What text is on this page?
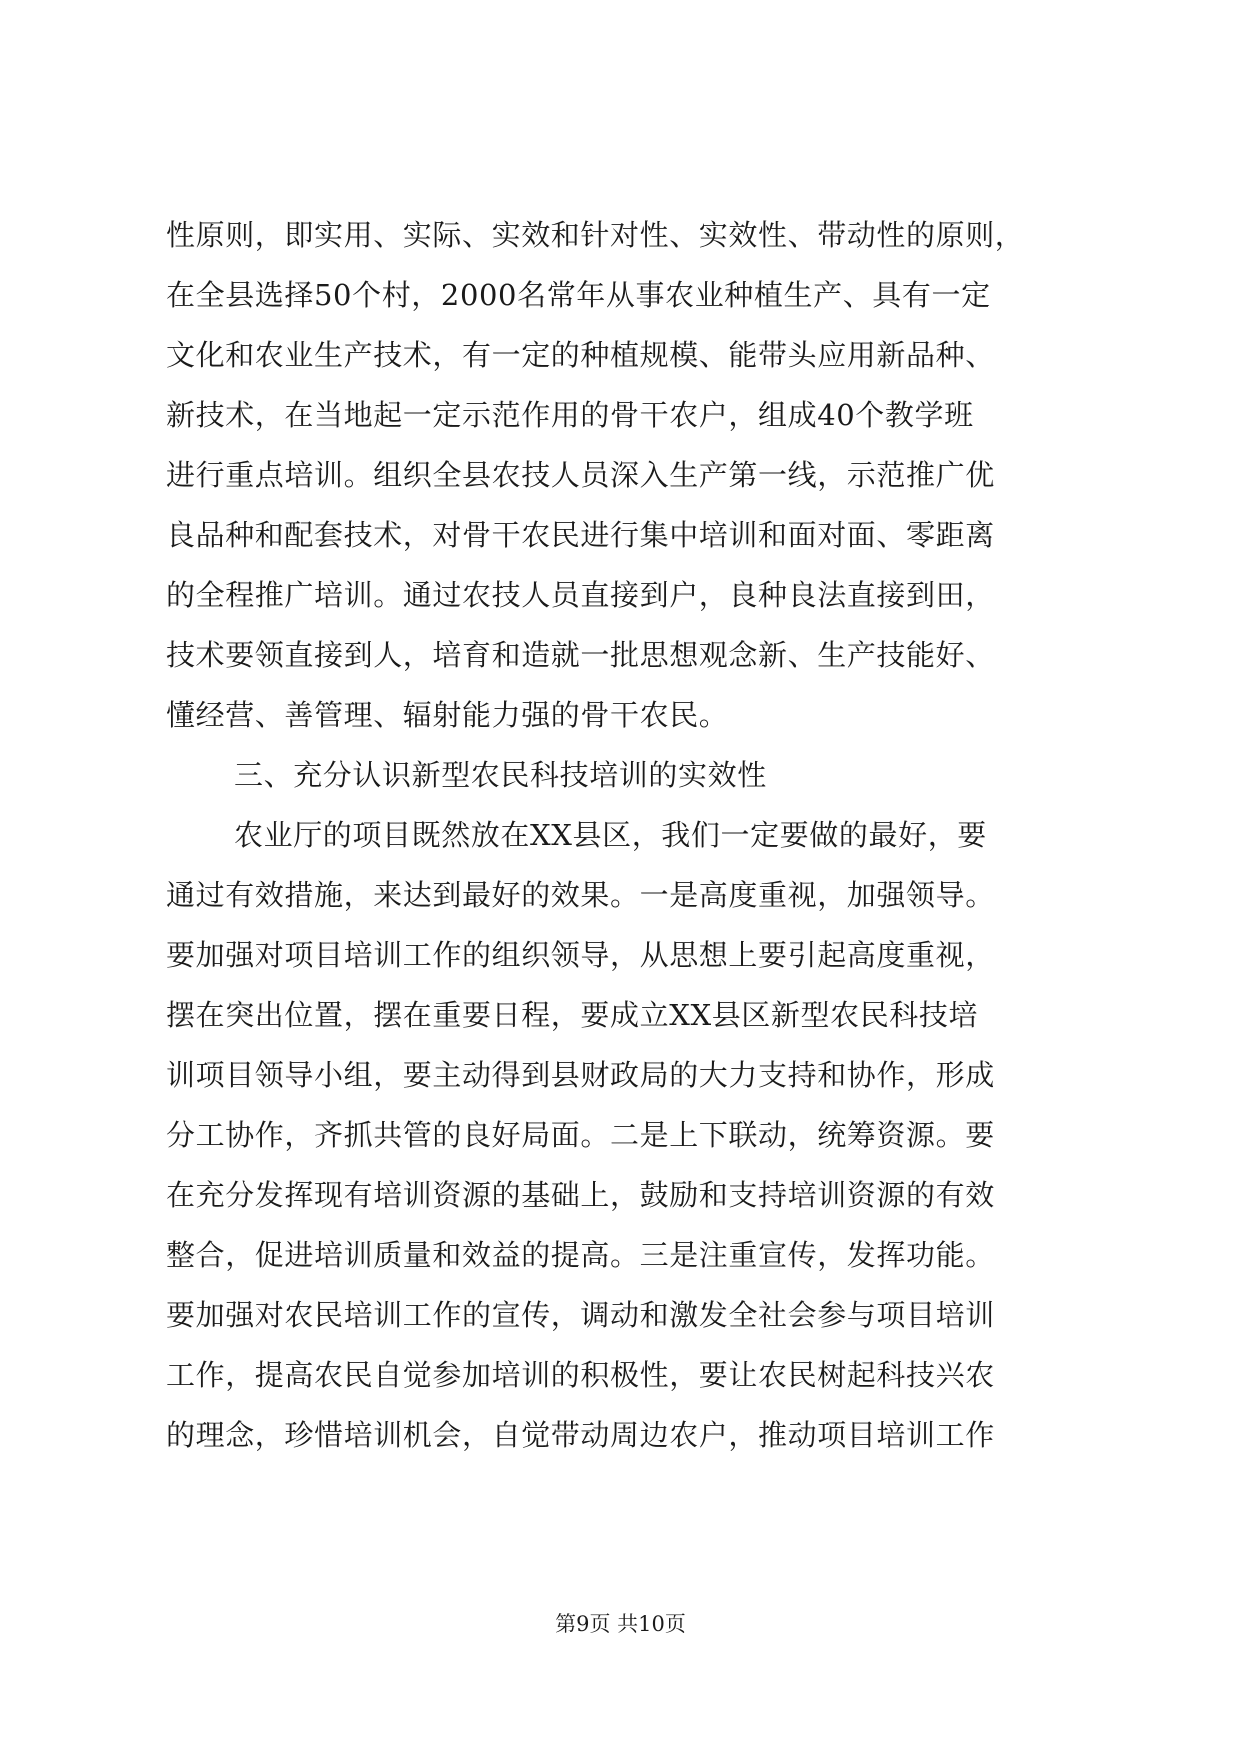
性原则，即实用、实际、实效和针对性、实效性、带动性的原则，
在全县选择50个村，2000名常年从事农业种植生产、具有一定
文化和农业生产技术，有一定的种植规模、能带头应用新品种、
新技术，在当地起一定示范作用的骨干农户，组成40个教学班
进行重点培训。组织全县农技人员深入生产第一线，示范推广优
良品种和配套技术，对骨干农民进行集中培训和面对面、零距离
的全程推广培训。通过农技人员直接到户，良种良法直接到田，
技术要领直接到人，培育和造就一批思想观念新、生产技能好、
懂经营、善管理、辐射能力强的骨干农民。
三、充分认识新型农民科技培训的实效性
农业厅的项目既然放在XX县区，我们一定要做的最好，要
通过有效措施，来达到最好的效果。一是高度重视，加强领导。
要加强对项目培训工作的组织领导，从思想上要引起高度重视，
摆在突出位置，摆在重要日程，要成立XX县区新型农民科技培
训项目领导小组，要主动得到县财政局的大力支持和协作，形成
分工协作，齐抓共管的良好局面。二是上下联动，统筹资源。要
在充分发挥现有培训资源的基础上，鼓励和支持培训资源的有效
整合，促进培训质量和效益的提高。三是注重宣传，发挥功能。
要加强对农民培训工作的宣传，调动和激发全社会参与项目培训
工作，提高农民自觉参加培训的积极性，要让农民树起科技兴农
的理念，珍惜培训机会，自觉带动周边农户，推动项目培训工作
第9页 共10页
